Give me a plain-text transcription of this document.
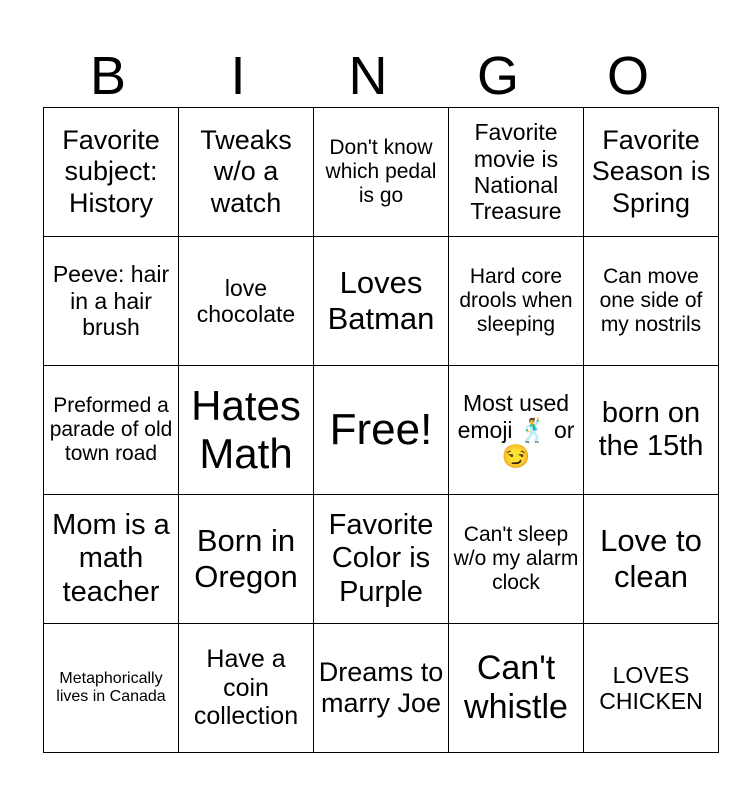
B	I	N	G	O
Favorite subject: History	Tweaks w/o a watch	Don't know which pedal is go	Favorite movie is National Treasure	Favorite Season is Spring
Peeve: hair in a hair brush	love chocolate	Loves Batman	Hard core drools when sleeping	Can move one side of my nostrils
Preformed a parade of old town road	Hates Math	Free!	Most used emoji 🕺 or😏	born on the 15th
Mom is a math teacher	Born in Oregon	Favorite Color is Purple	Can't sleep w/o my alarm clock	Love to clean
Metaphorically lives in Canada	Have a coin collection	Dreams to marry Joe	Can't whistle	LOVES CHICKEN
